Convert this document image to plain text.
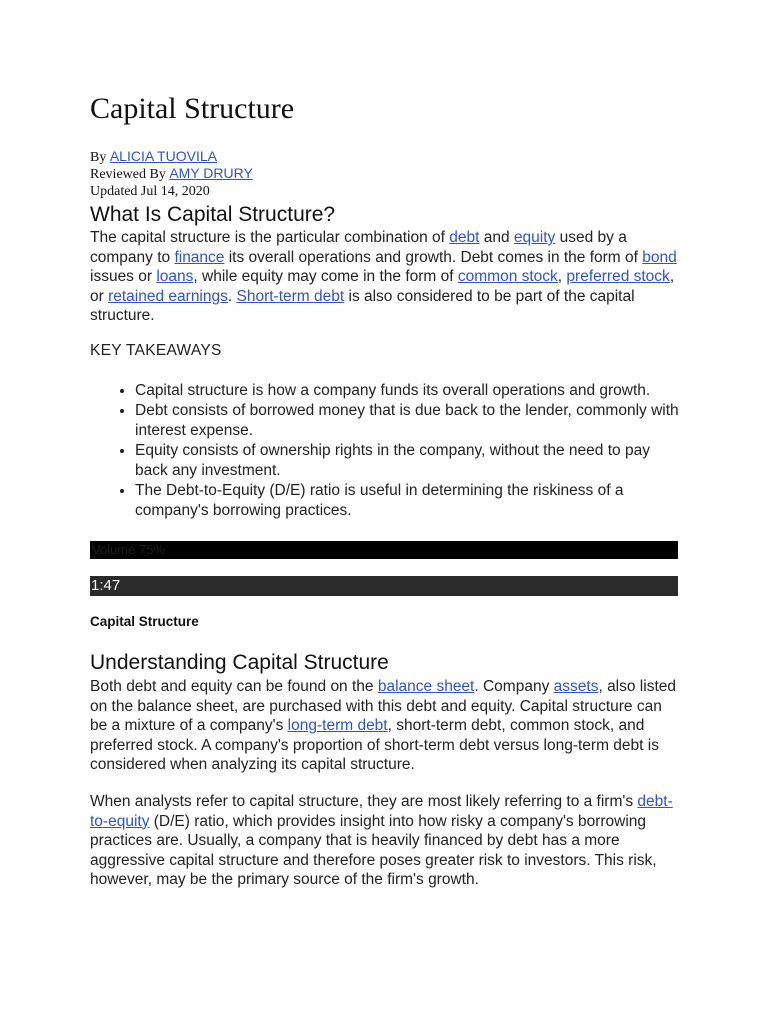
Capital Structure
By ALICIA TUOVILA
Reviewed By AMY DRURY
Updated Jul 14, 2020
What Is Capital Structure?

The capital structure is the particular combination of debt and equity used by a company to finance its overall operations and growth. Debt comes in the form of bond issues or loans, while equity may come in the form of common stock, preferred stock, or retained earnings. Short-term debt is also considered to be part of the capital structure.

KEY TAKEAWAYS
• Capital structure is how a company funds its overall operations and growth.
• Debt consists of borrowed money that is due back to the lender, commonly with interest expense.
• Equity consists of ownership rights in the company, without the need to pay back any investment.
• The Debt-to-Equity (D/E) ratio is useful in determining the riskiness of a company's borrowing practices.
Volume 75%
1:47
Capital Structure
Understanding Capital Structure

Both debt and equity can be found on the balance sheet. Company assets, also listed on the balance sheet, are purchased with this debt and equity. Capital structure can be a mixture of a company's long-term debt, short-term debt, common stock, and preferred stock. A company's proportion of short-term debt versus long-term debt is considered when analyzing its capital structure.

When analysts refer to capital structure, they are most likely referring to a firm's debt-to-equity (D/E) ratio, which provides insight into how risky a company's borrowing practices are. Usually, a company that is heavily financed by debt has a more aggressive capital structure and therefore poses greater risk to investors. This risk, however, may be the primary source of the firm's growth.
